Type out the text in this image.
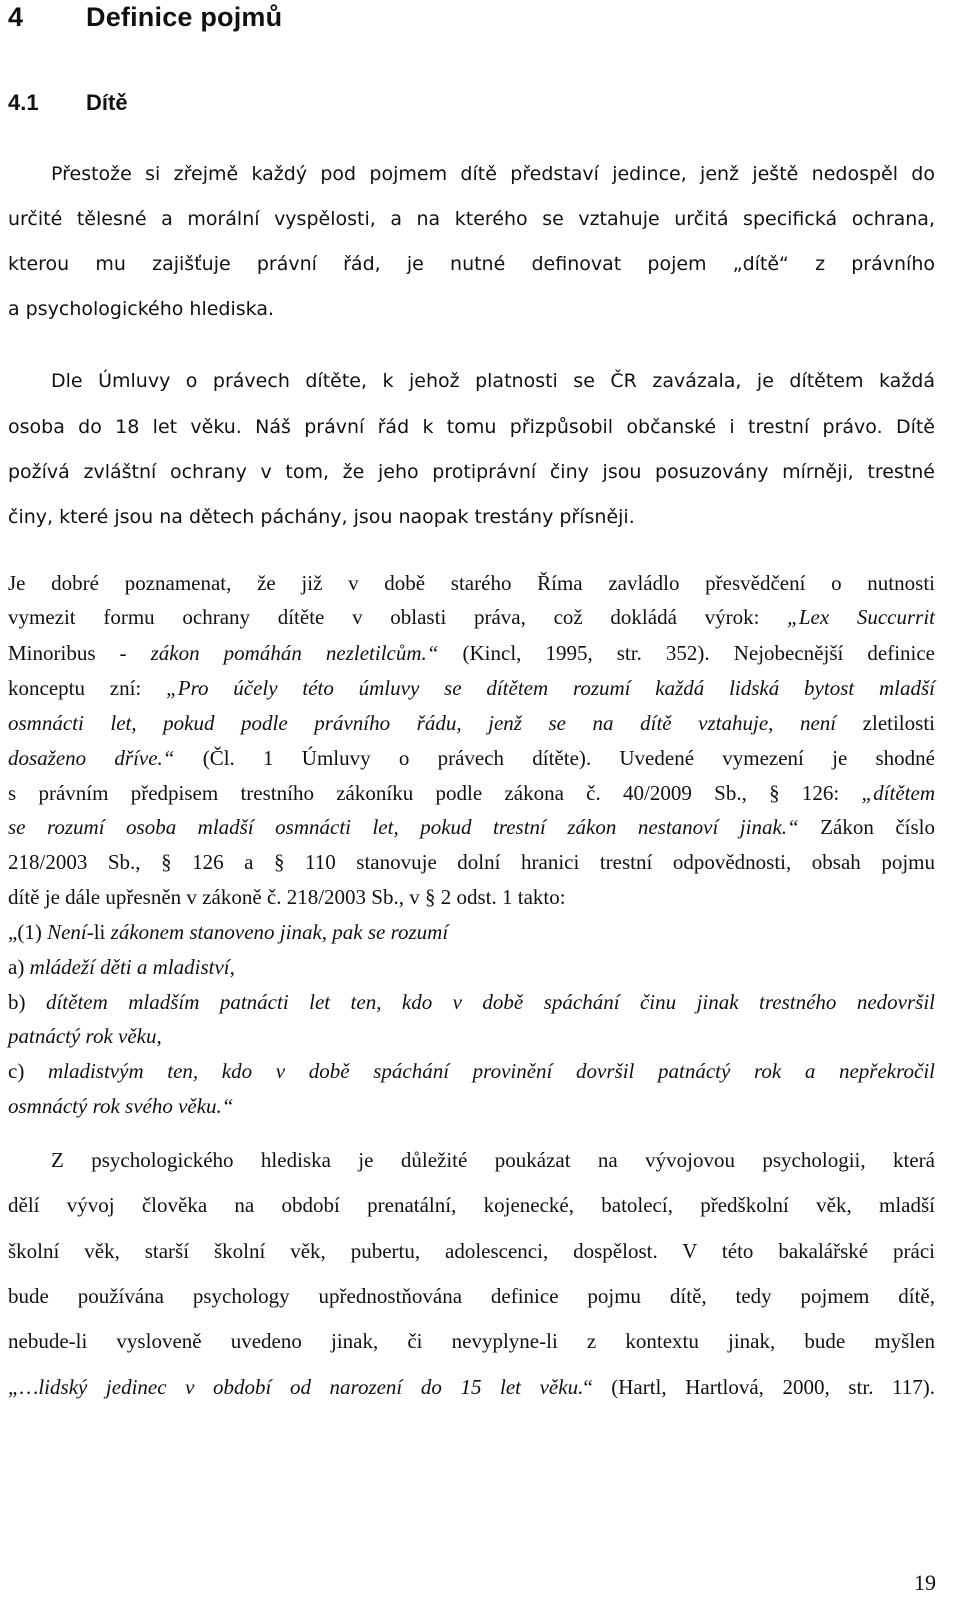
4 Definice pojmů
4.1 Dítě
Přestože si zřejmě každý pod pojmem dítě představí jedince, jenž ještě nedospěl do
určité tělesné a morální vyspělosti, a na kterého se vztahuje určitá specifická ochrana,
kterou mu zajišťuje právní řád, je nutné definovat pojem „dítě“ z právního
a psychologického hlediska.
Dle Úmluvy o právech dítěte, k jehož platnosti se ČR zavázala, je dítětem každá
osoba do 18 let věku. Náš právní řád k tomu přizpůsobil občanské i trestní právo. Dítě
požívá zvláštní ochrany v tom, že jeho protiprávní činy jsou posuzovány mírněji, trestné
činy, které jsou na dětech páchány, jsou naopak trestány přísněji.
Je dobré poznamenat, že již v době starého Říma zavládlo přesvědčení o nutnosti
vymezit formu ochrany dítěte v oblasti práva, což dokládá výrok: „Lex Succurrit
Minoribus - zákon pomáhán nezletilcům.“ (Kincl, 1995, str. 352). Nejobecnější definice
konceptu zní: „Pro účely této úmluvy se dítětem rozumí každá lidská bytost mladší
osmnácti let, pokud podle právního řádu, jenž se na dítě vztahuje, není zletilosti
dosaženo dříve.“ (Čl. 1 Úmluvy o právech dítěte). Uvedené vymezení je shodné
s právním předpisem trestního zákoníku podle zákona č. 40/2009 Sb., § 126: „dítětem
se rozumí osoba mladší osmnácti let, pokud trestní zákon nestanoví jinak.“ Zákon číslo
218/2003 Sb., § 126 a § 110 stanovuje dolní hranici trestní odpovědnosti, obsah pojmu
dítě je dále upřesněn v zákoně č. 218/2003 Sb., v § 2 odst. 1 takto:
„(1) Není-li zákonem stanoveno jinak, pak se rozumí
a) mládeží děti a mladiství,
b) dítětem mladším patnácti let ten, kdo v době spáchání činu jinak trestného nedovršil
patnáctý rok věku,
c) mladistvým ten, kdo v době spáchání provinění dovršil patnáctý rok a nepřekročil
osmnáctý rok svého věku.“
Z psychologického hlediska je důležité poukázat na vývojovou psychologii, která
dělí vývoj člověka na období prenatální, kojenecké, batolecí, předškolní věk, mladší
školní věk, starší školní věk, pubertu, adolescenci, dospělost. V této bakalářské práci
bude používána psychology upřednostňována definice pojmu dítě, tedy pojmem dítě,
nebude-li vysloveně uvedeno jinak, či nevyplyne-li z kontextu jinak, bude myšlen
„…lidský jedinec v období od narození do 15 let věku.“ (Hartl, Hartlová, 2000, str. 117).
19
